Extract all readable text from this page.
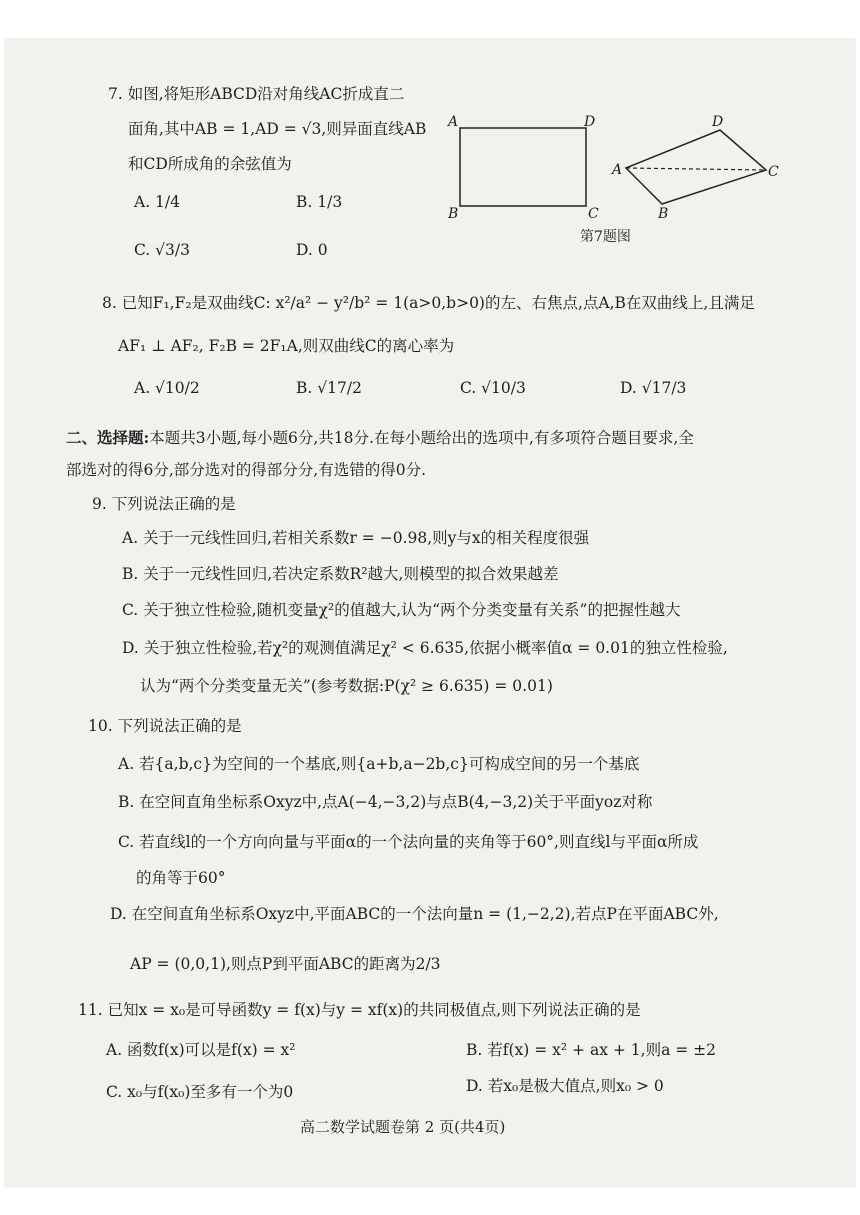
7. 如图,将矩形ABCD沿对角线AC折成直二
面角,其中AB = 1,AD = √3,则异面直线AB
和CD所成角的余弦值为
A. 1/4	B. 1/3
C. √3/3	D. 0
A
B	C
D
A
B
C
D
第7题图
8. 已知F₁,F₂是双曲线C: x²/a² − y²/b² = 1(a>0,b>0)的左、右焦点,点A,B在双曲线上,且满足
AF₁ ⊥ AF₂, F₂B = 2F₁A,则双曲线C的离心率为
A. √10/2	B. √17/2	C. √10/3	D. √17/3
二、选择题:本题共3小题,每小题6分,共18分.在每小题给出的选项中,有多项符合题目要求,全
部选对的得6分,部分选对的得部分分,有选错的得0分.
9. 下列说法正确的是
A. 关于一元线性回归,若相关系数r = −0.98,则y与x的相关程度很强
B. 关于一元线性回归,若决定系数R²越大,则模型的拟合效果越差
C. 关于独立性检验,随机变量χ²的值越大,认为“两个分类变量有关系”的把握性越大
D. 关于独立性检验,若χ²的观测值满足χ² < 6.635,依据小概率值α = 0.01的独立性检验,
认为“两个分类变量无关”(参考数据:P(χ² ≥ 6.635) = 0.01)
10. 下列说法正确的是
A. 若{a,b,c}为空间的一个基底,则{a+b,a−2b,c}可构成空间的另一个基底
B. 在空间直角坐标系Oxyz中,点A(−4,−3,2)与点B(4,−3,2)关于平面yoz对称
C. 若直线l的一个方向向量与平面α的一个法向量的夹角等于60°,则直线l与平面α所成
的角等于60°
D. 在空间直角坐标系Oxyz中,平面ABC的一个法向量n = (1,−2,2),若点P在平面ABC外,
AP = (0,0,1),则点P到平面ABC的距离为2/3
11. 已知x = x₀是可导函数y = f(x)与y = xf(x)的共同极值点,则下列说法正确的是
A. 函数f(x)可以是f(x) = x²	B. 若f(x) = x² + ax + 1,则a = ±2
C. x₀与f(x₀)至多有一个为0	D. 若x₀是极大值点,则x₀ > 0
高二数学试题卷第 2 页(共4页)
